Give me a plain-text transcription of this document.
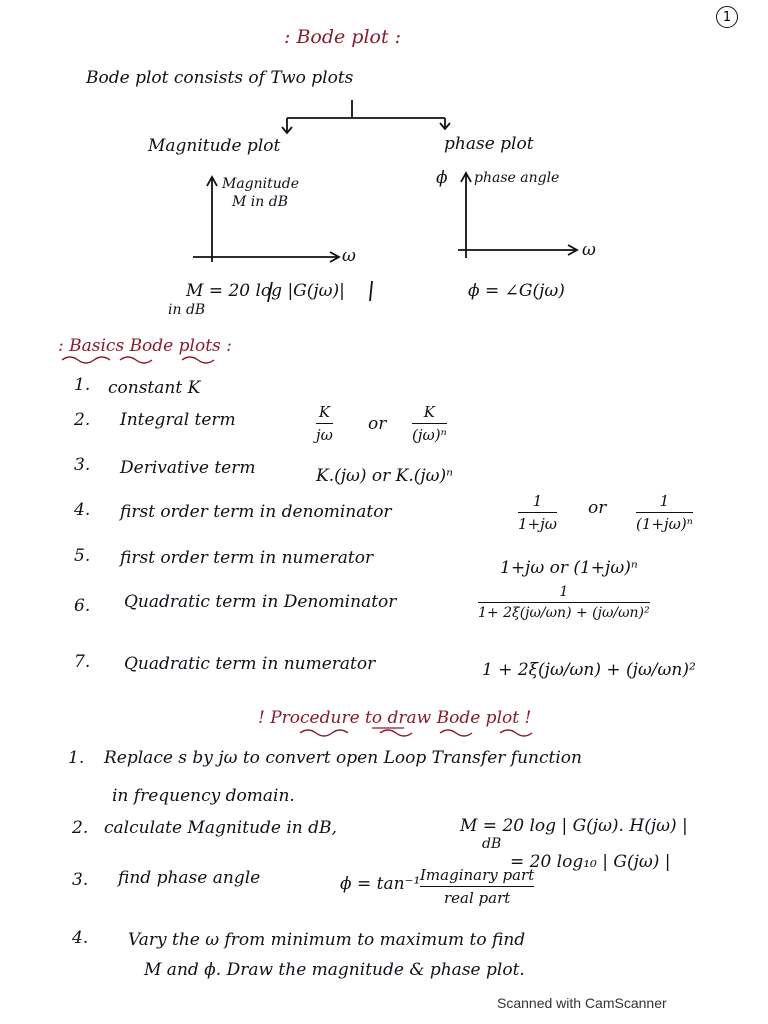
1
: Bode plot :
Bode plot consists of Two plots
Magnitude plot
Magnitude
M in dB
ω
M = 20 log |G(jω)|
in dB
phase plot
ϕ phase angle
ω
ϕ = ∠G(jω)
: Basics Bode plots :
1. constant K
2. Integral term	K
jω
or
K
(jω)ⁿ
3. Derivative term	K.(jω) or K.(jω)ⁿ
4. first order term in denominator
1
1+jω
or	1
(1+jω)ⁿ
5. first order term in numerator	1+jω or (1+jω)ⁿ
6. Quadratic term in Denominator	1
1+ 2ξ(jω/ωn) + (jω/ωn)²
7. Quadratic term in numerator	1 + 2ξ(jω/ωn) + (jω/ωn)²
! Procedure to draw Bode plot !
1. Replace s by jω to convert open Loop Transfer function
in frequency domain.
2. calculate Magnitude in dB,	M = 20 log | G(jω). H(jω) |
dB
= 20 log₁₀ | G(jω) |
3. find phase angle	ϕ = tan⁻¹ Imaginary part
real part
4. Vary the ω from minimum to maximum to find
M and ϕ. Draw the magnitude & phase plot.
Scanned with CamScanner
